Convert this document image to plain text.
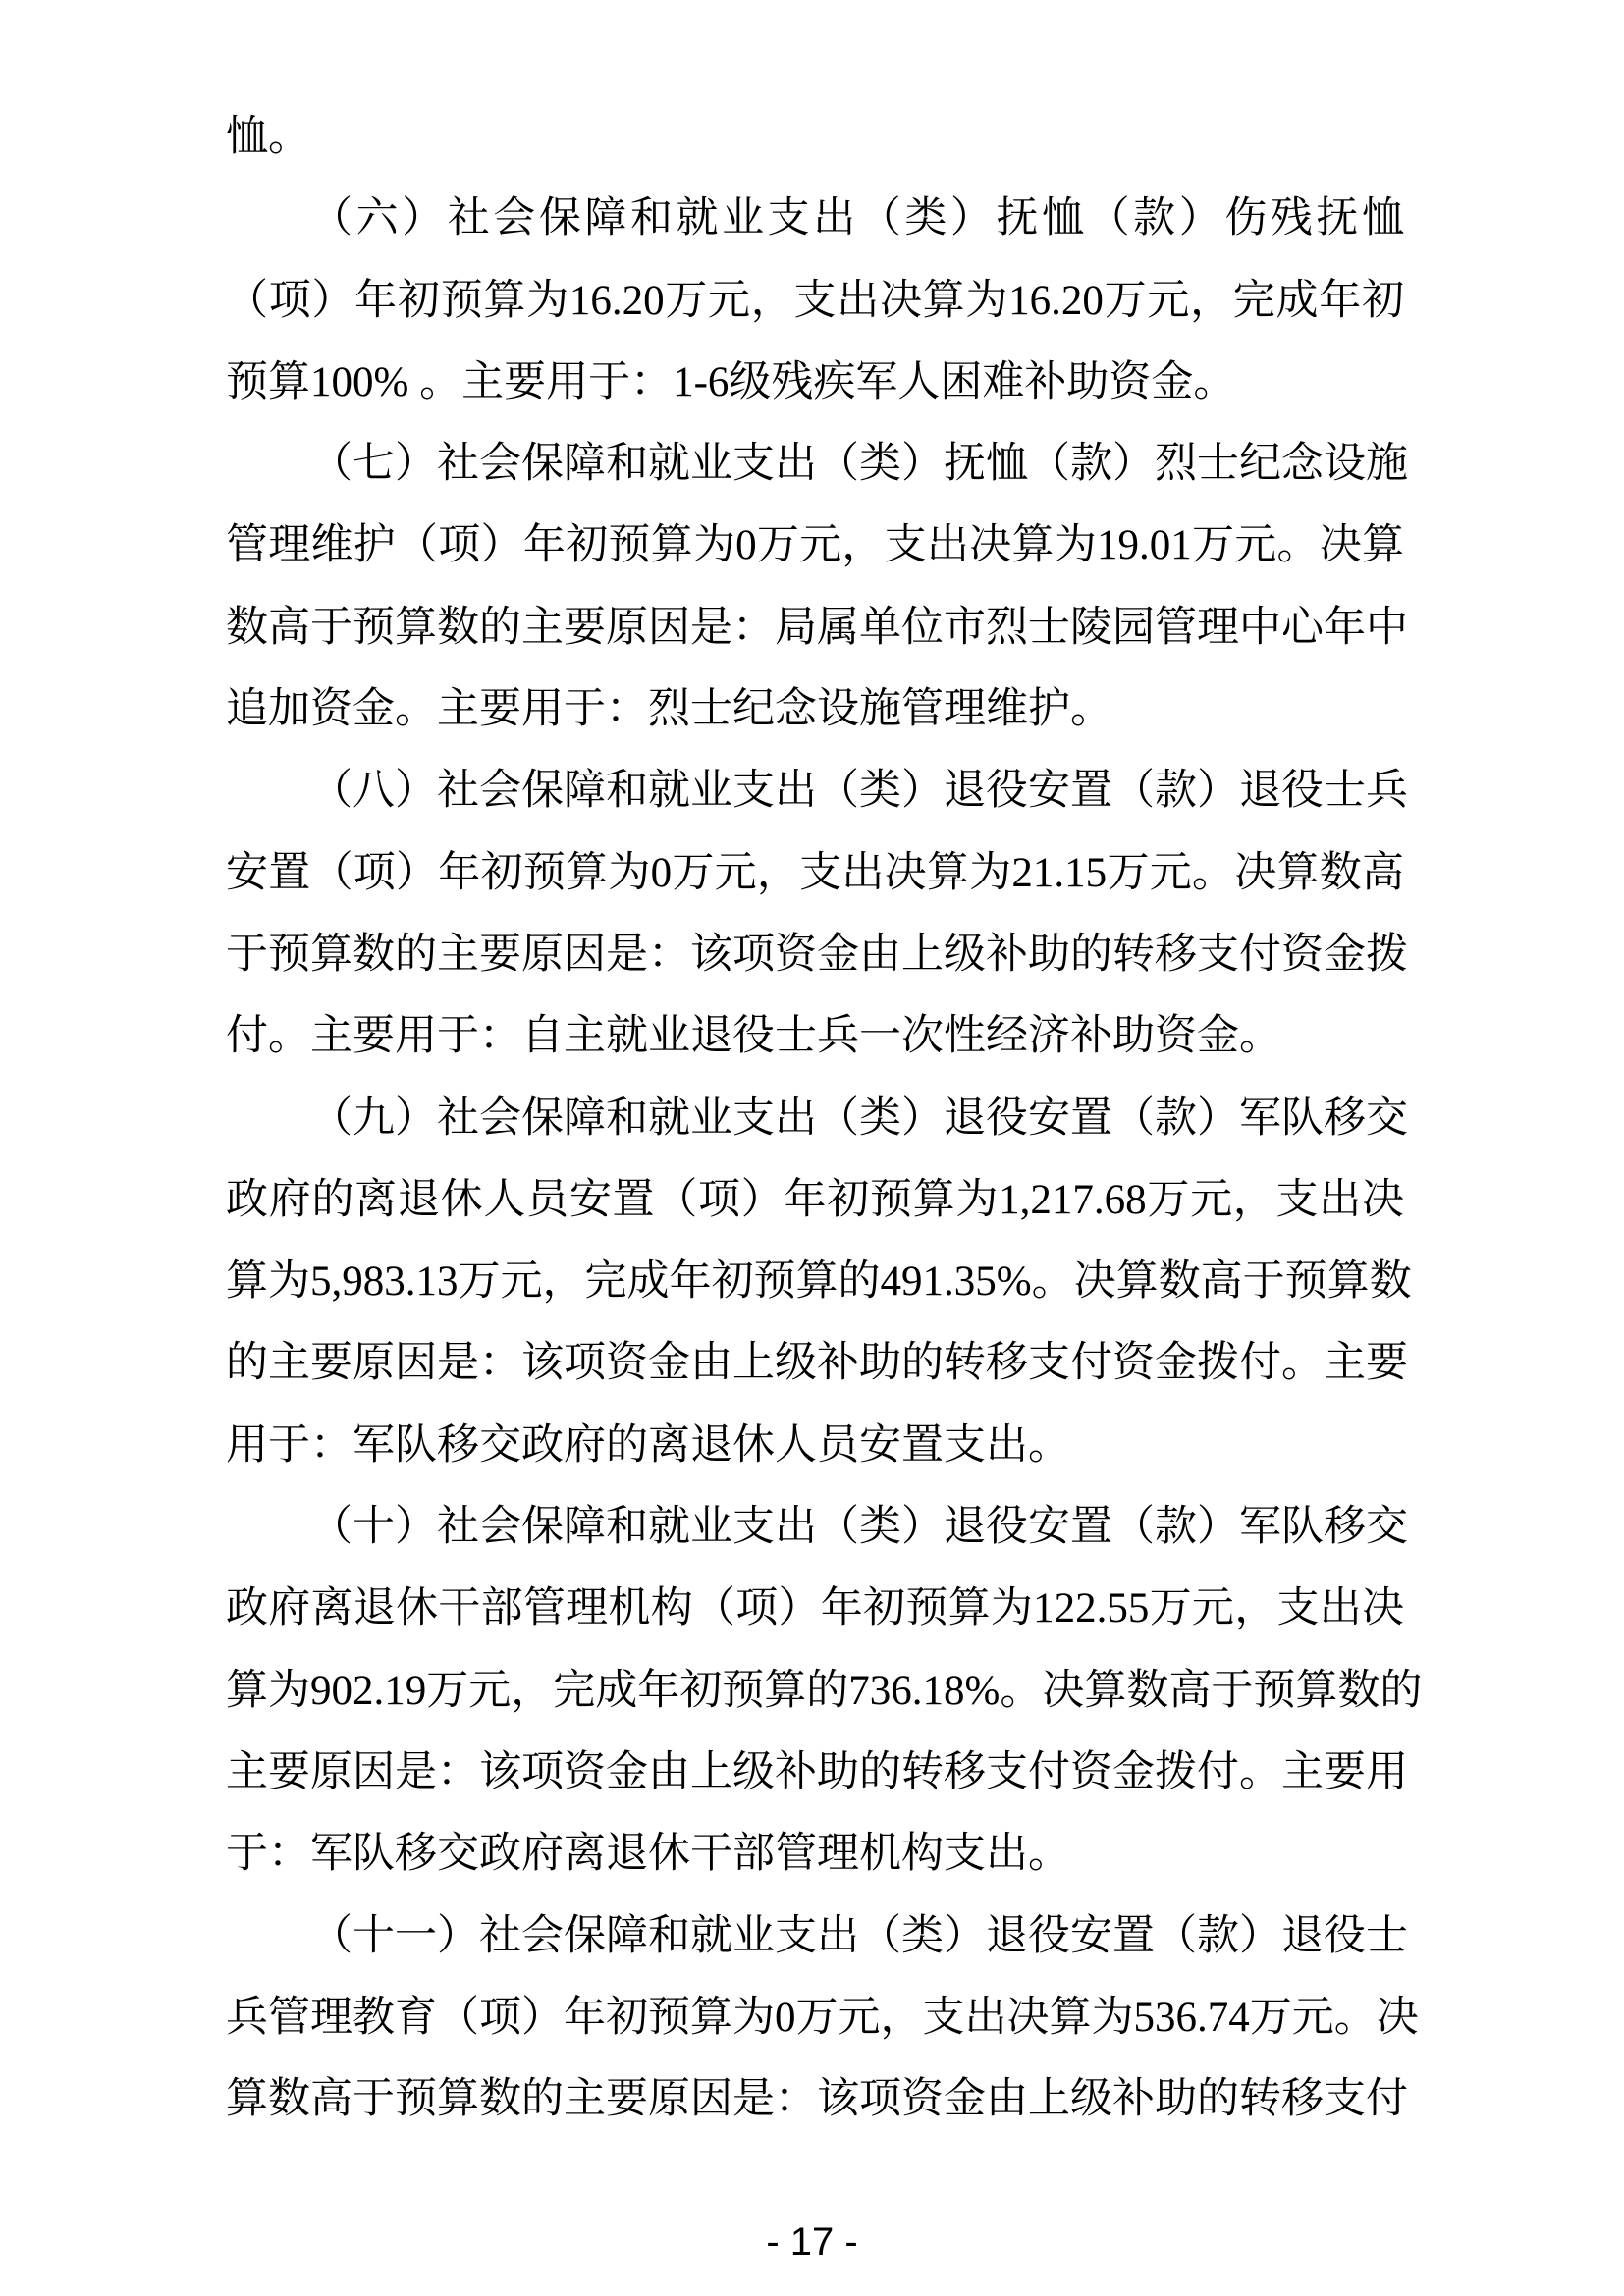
恤。
（六）社会保障和就业支出（类）抚恤（款）伤残抚恤
（项）年初预算为16.20万元，支出决算为16.20万元，完成年初
预算100% 。主要用于：1-6级残疾军人困难补助资金。
（七）社会保障和就业支出（类）抚恤（款）烈士纪念设施
管理维护（项）年初预算为0万元，支出决算为19.01万元。决算
数高于预算数的主要原因是：局属单位市烈士陵园管理中心年中
追加资金。主要用于：烈士纪念设施管理维护。
（八）社会保障和就业支出（类）退役安置（款）退役士兵
安置（项）年初预算为0万元，支出决算为21.15万元。决算数高
于预算数的主要原因是：该项资金由上级补助的转移支付资金拨
付。主要用于：自主就业退役士兵一次性经济补助资金。
（九）社会保障和就业支出（类）退役安置（款）军队移交
政府的离退休人员安置（项）年初预算为1,217.68万元，支出决
算为5,983.13万元，完成年初预算的491.35%。决算数高于预算数
的主要原因是：该项资金由上级补助的转移支付资金拨付。主要
用于：军队移交政府的离退休人员安置支出。
（十）社会保障和就业支出（类）退役安置（款）军队移交
政府离退休干部管理机构（项）年初预算为122.55万元，支出决
算为902.19万元，完成年初预算的736.18%。决算数高于预算数的
主要原因是：该项资金由上级补助的转移支付资金拨付。主要用
于：军队移交政府离退休干部管理机构支出。
（十一）社会保障和就业支出（类）退役安置（款）退役士
兵管理教育（项）年初预算为0万元，支出决算为536.74万元。决
算数高于预算数的主要原因是：该项资金由上级补助的转移支付
- 17 -
